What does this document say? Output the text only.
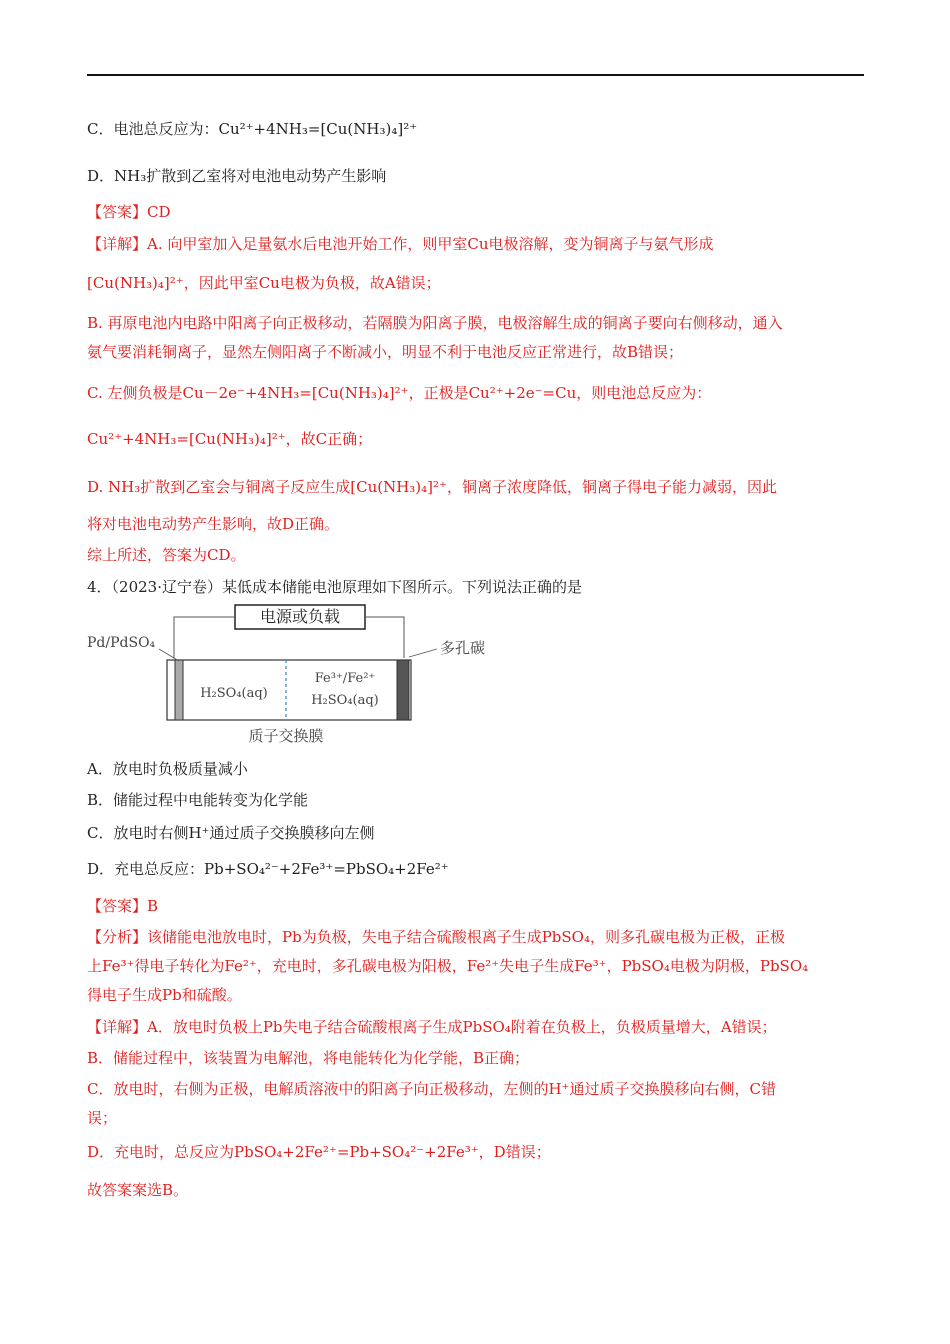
C．电池总反应为：Cu²⁺+4NH₃=[Cu(NH₃)₄]²⁺
D．NH₃扩散到乙室将对电池电动势产生影响
【答案】CD
【详解】A. 向甲室加入足量氨水后电池开始工作，则甲室Cu电极溶解，变为铜离子与氨气形成
[Cu(NH₃)₄]²⁺，因此甲室Cu电极为负极，故A错误；
B. 再原电池内电路中阳离子向正极移动，若隔膜为阳离子膜，电极溶解生成的铜离子要向右侧移动，通入
氨气要消耗铜离子，显然左侧阳离子不断减小，明显不利于电池反应正常进行，故B错误；
C. 左侧负极是Cu－2e⁻+4NH₃=[Cu(NH₃)₄]²⁺，正极是Cu²⁺+2e⁻=Cu，则电池总反应为：
Cu²⁺+4NH₃=[Cu(NH₃)₄]²⁺，故C正确；
D. NH₃扩散到乙室会与铜离子反应生成[Cu(NH₃)₄]²⁺，铜离子浓度降低，铜离子得电子能力减弱，因此
将对电池电动势产生影响，故D正确。
综上所述，答案为CD。
4．（2023·辽宁卷）某低成本储能电池原理如下图所示。下列说法正确的是
电源或负载
Pd/PdSO₄	多孔碳
H₂SO₄(aq)
Fe³⁺/Fe²⁺
H₂SO₄(aq)
质子交换膜
A．放电时负极质量减小
B．储能过程中电能转变为化学能
C．放电时右侧H⁺通过质子交换膜移向左侧
D．充电总反应：Pb+SO₄²⁻+2Fe³⁺=PbSO₄+2Fe²⁺
【答案】B
【分析】该储能电池放电时，Pb为负极，失电子结合硫酸根离子生成PbSO₄，则多孔碳电极为正极，正极
上Fe³⁺得电子转化为Fe²⁺，充电时，多孔碳电极为阳极，Fe²⁺失电子生成Fe³⁺，PbSO₄电极为阴极，PbSO₄
得电子生成Pb和硫酸。
【详解】A．放电时负极上Pb失电子结合硫酸根离子生成PbSO₄附着在负极上，负极质量增大，A错误；
B．储能过程中，该装置为电解池，将电能转化为化学能，B正确；
C．放电时，右侧为正极，电解质溶液中的阳离子向正极移动，左侧的H⁺通过质子交换膜移向右侧，C错
误；
D．充电时，总反应为PbSO₄+2Fe²⁺=Pb+SO₄²⁻+2Fe³⁺，D错误；
故答案案选B。
